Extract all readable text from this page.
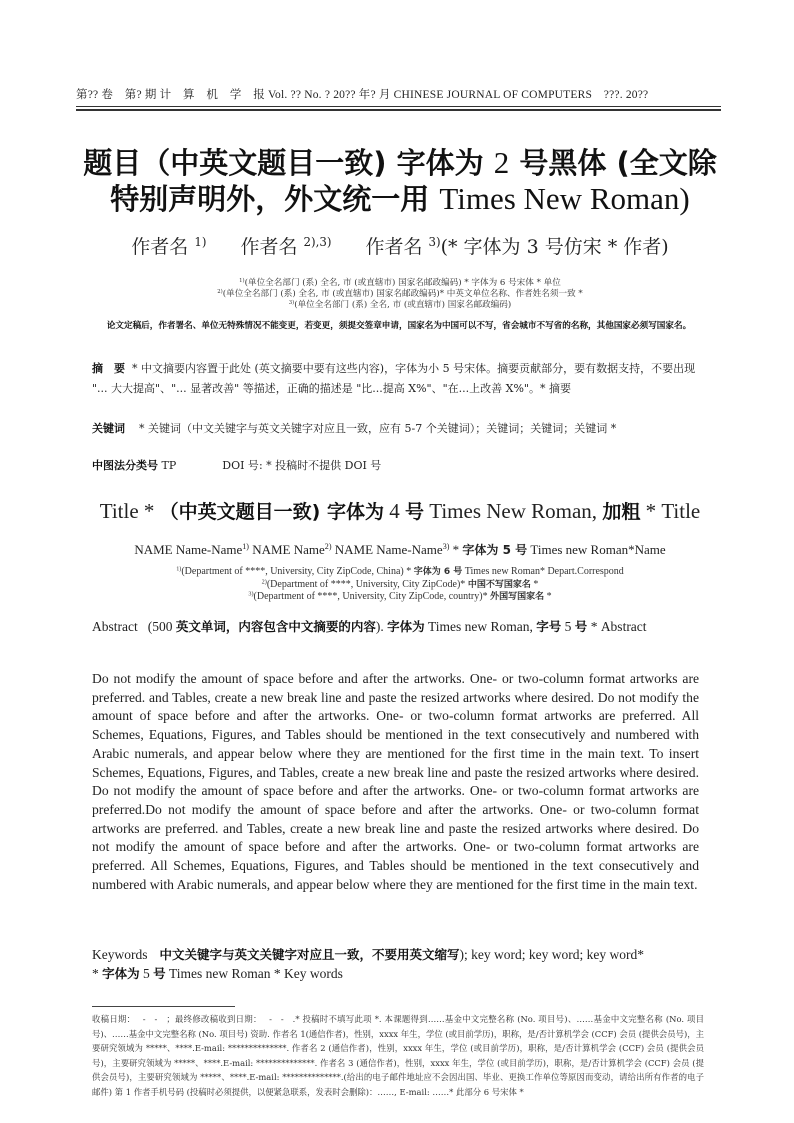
第?? 卷　第? 期 计　算　机　学　报 Vol. ?? No. ? 20?? 年? 月 CHINESE JOURNAL OF COMPUTERS　???. 20??
题目（中英文题目一致) 字体为 2 号黑体 (全文除
特别声明外，外文统一用 Times New Roman)
作者名 $^{1)}$ 作者名 $^{2),3)}$ 作者名 $^{3)}$(* 字体为 3 号仿宋 * 作者)
$^{1)}$(单位全名部门 (系) 全名, 市 (或直辖市) 国家名邮政编码) * 字体为 6 号宋体 * 单位
$^{2)}$(单位全名部门 (系) 全名, 市 (或直辖市) 国家名邮政编码)* 中英文单位名称、作者姓名须一致 *
$^{3)}$(单位全名部门 (系) 全名, 市 (或直辖市) 国家名邮政编码)
论文定稿后，作者署名、单位无特殊情况不能变更，若变更，须提交签章申请，国家名为中国可以不写，省会城市不写省的名称，其他国家必须写国家名。
摘　要 * 中文摘要内容置于此处 (英文摘要中要有这些内容)，字体为小 5 号宋体。摘要贡献部分，要有数据支持，不要出现 "... 大大提高"、"... 显著改善" 等描述，正确的描述是 "比...提高 X%"、"在...上改善 X%"。* 摘要
关键词 * 关键词（中文关键字与英文关键字对应且一致，应有 5-7 个关键词）；关键词；关键词；关键词 *
中图法分类号 TP	DOI 号: * 投稿时不提供 DOI 号
Title * （中英文题目一致) 字体为 4 号 Times New Roman, 加粗 * Title
NAME Name-Name$^{1)}$ NAME Name$^{2)}$ NAME Name-Name$^{3)}$ * 字体为 5 号 Times new Roman*Name
$^{1)}$(Department of ****, University, City ZipCode, China) * 字体为 6 号 Times new Roman* Depart.Correspond
$^{2)}$(Department of ****, University, City ZipCode)* 中国不写国家名 *
$^{3)}$(Department of ****, University, City ZipCode, country)* 外国写国家名 *
Abstract (500 英文单词，内容包含中文摘要的内容). 字体为 Times new Roman, 字号 5 号 * Abstract
Do not modify the amount of space before and after the artworks. One- or two-column format artworks are preferred. and Tables, create a new break line and paste the resized artworks where desired. Do not modify the amount of space before and after the artworks. One- or two-column format artworks are preferred. All Schemes, Equations, Figures, and Tables should be mentioned in the text consecutively and numbered with Arabic numerals, and appear below where they are mentioned for the first time in the main text. To insert Schemes, Equations, Figures, and Tables, create a new break line and paste the resized artworks where desired. Do not modify the amount of space before and after the artworks. One- or two-column format artworks are preferred.Do not modify the amount of space before and after the artworks. One- or two-column format artworks are preferred. and Tables, create a new break line and paste the resized artworks where desired. Do not modify the amount of space before and after the artworks. One- or two-column format artworks are preferred. All Schemes, Equations, Figures, and Tables should be mentioned in the text consecutively and numbered with Arabic numerals, and appear below where they are mentioned for the first time in the main text.
Keywords 中文关键字与英文关键字对应且一致，不要用英文缩写); key word; key word; key word*
* 字体为 5 号 Times new Roman * Key words
收稿日期：　 -　-　；最终修改稿收到日期：　 -　-　.* 投稿时不填写此项 *. 本课题得到……基金中文完整名称 (No. 项目号)、……基金中文完整名称 (No. 项目号)、……基金中文完整名称 (No. 项目号) 资助. 作者名 1(通信作者)，性别，xxxx 年生，学位 (或目前学历)，职称，是/否计算机学会 (CCF) 会员 (提供会员号)，主要研究领域为 *****、****.E-mail: **************. 作者名 2 (通信作者)，性别，xxxx 年生，学位 (或目前学历)，职称，是/否计算机学会 (CCF) 会员 (提供会员号)，主要研究领域为 *****、****.E-mail: **************. 作者名 3 (通信作者)，性别，xxxx 年生，学位 (或目前学历)，职称，是/否计算机学会 (CCF) 会员 (提供会员号)，主要研究领域为 *****、****.E-mail: **************.(给出的电子邮件地址应不会因出国、毕业、更换工作单位等原因而变动，请给出所有作者的电子邮件) 第 1 作者手机号码 (投稿时必须提供，以便紧急联系，发表时会删除)：……, E-mail: ……* 此部分 6 号宋体 *
